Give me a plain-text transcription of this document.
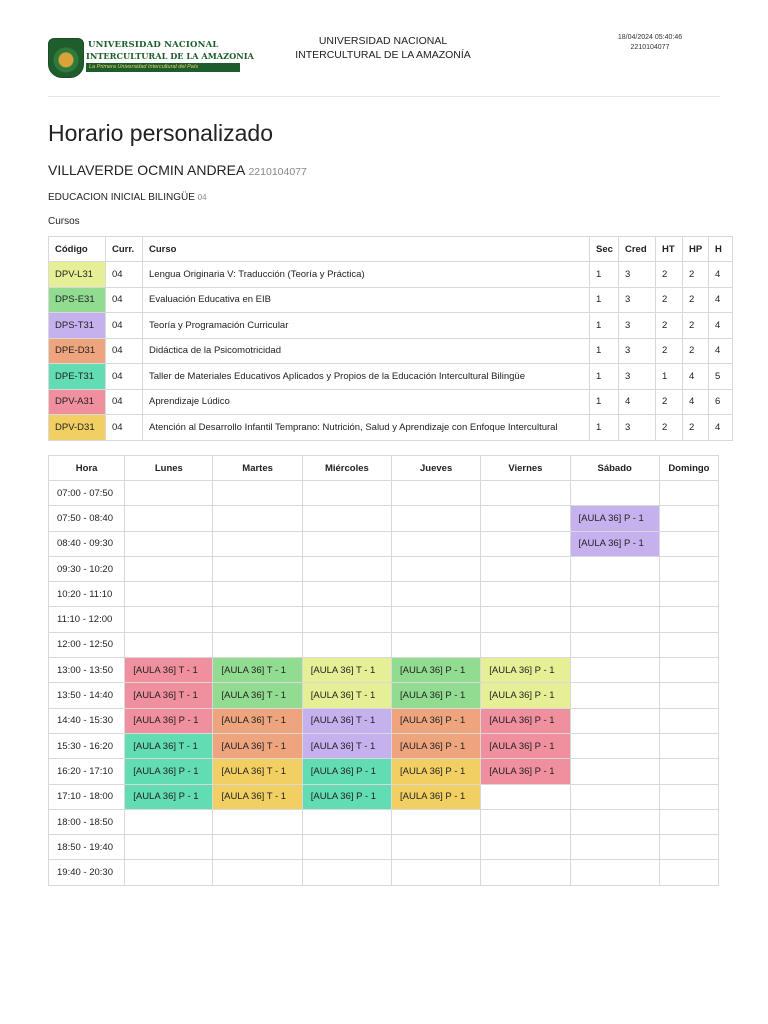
UNIVERSIDAD NACIONAL
INTERCULTURAL DE LA AMAZONIA
La Primera Universidad Intercultural del País
UNIVERSIDAD NACIONAL
INTERCULTURAL DE LA AMAZONÍA
18/04/2024 05:40:46
2210104077
Horario personalizado
VILLAVERDE OCMIN ANDREA 2210104077
EDUCACION INICIAL BILINGÜE 04
Cursos
Código	Curr.	Curso	Sec	Cred	HT	HP	H
DPV-L31	04	Lengua Originaria V: Traducción (Teoría y Práctica)	1	3	2	2	4
DPS-E31	04	Evaluación Educativa en EIB	1	3	2	2	4
DPS-T31	04	Teoría y Programación Curricular	1	3	2	2	4
DPE-D31	04	Didáctica de la Psicomotricidad	1	3	2	2	4
DPE-T31	04	Taller de Materiales Educativos Aplicados y Propios de la Educación Intercultural Bilingüe	1	3	1	4	5
DPV-A31	04	Aprendizaje Lúdico	1	4	2	4	6
DPV-D31	04	Atención al Desarrollo Infantil Temprano: Nutrición, Salud y Aprendizaje con Enfoque Intercultural	1	3	2	2	4
Hora	Lunes	Martes	Miércoles	Jueves	Viernes	Sábado	Domingo
07:00 - 07:50							
07:50 - 08:40						[AULA 36] P - 1	
08:40 - 09:30						[AULA 36] P - 1	
09:30 - 10:20							
10:20 - 11:10							
11:10 - 12:00							
12:00 - 12:50							
13:00 - 13:50	[AULA 36] T - 1	[AULA 36] T - 1	[AULA 36] T - 1	[AULA 36] P - 1	[AULA 36] P - 1		
13:50 - 14:40	[AULA 36] T - 1	[AULA 36] T - 1	[AULA 36] T - 1	[AULA 36] P - 1	[AULA 36] P - 1		
14:40 - 15:30	[AULA 36] P - 1	[AULA 36] T - 1	[AULA 36] T - 1	[AULA 36] P - 1	[AULA 36] P - 1		
15:30 - 16:20	[AULA 36] T - 1	[AULA 36] T - 1	[AULA 36] T - 1	[AULA 36] P - 1	[AULA 36] P - 1		
16:20 - 17:10	[AULA 36] P - 1	[AULA 36] T - 1	[AULA 36] P - 1	[AULA 36] P - 1	[AULA 36] P - 1		
17:10 - 18:00	[AULA 36] P - 1	[AULA 36] T - 1	[AULA 36] P - 1	[AULA 36] P - 1			
18:00 - 18:50							
18:50 - 19:40							
19:40 - 20:30							
